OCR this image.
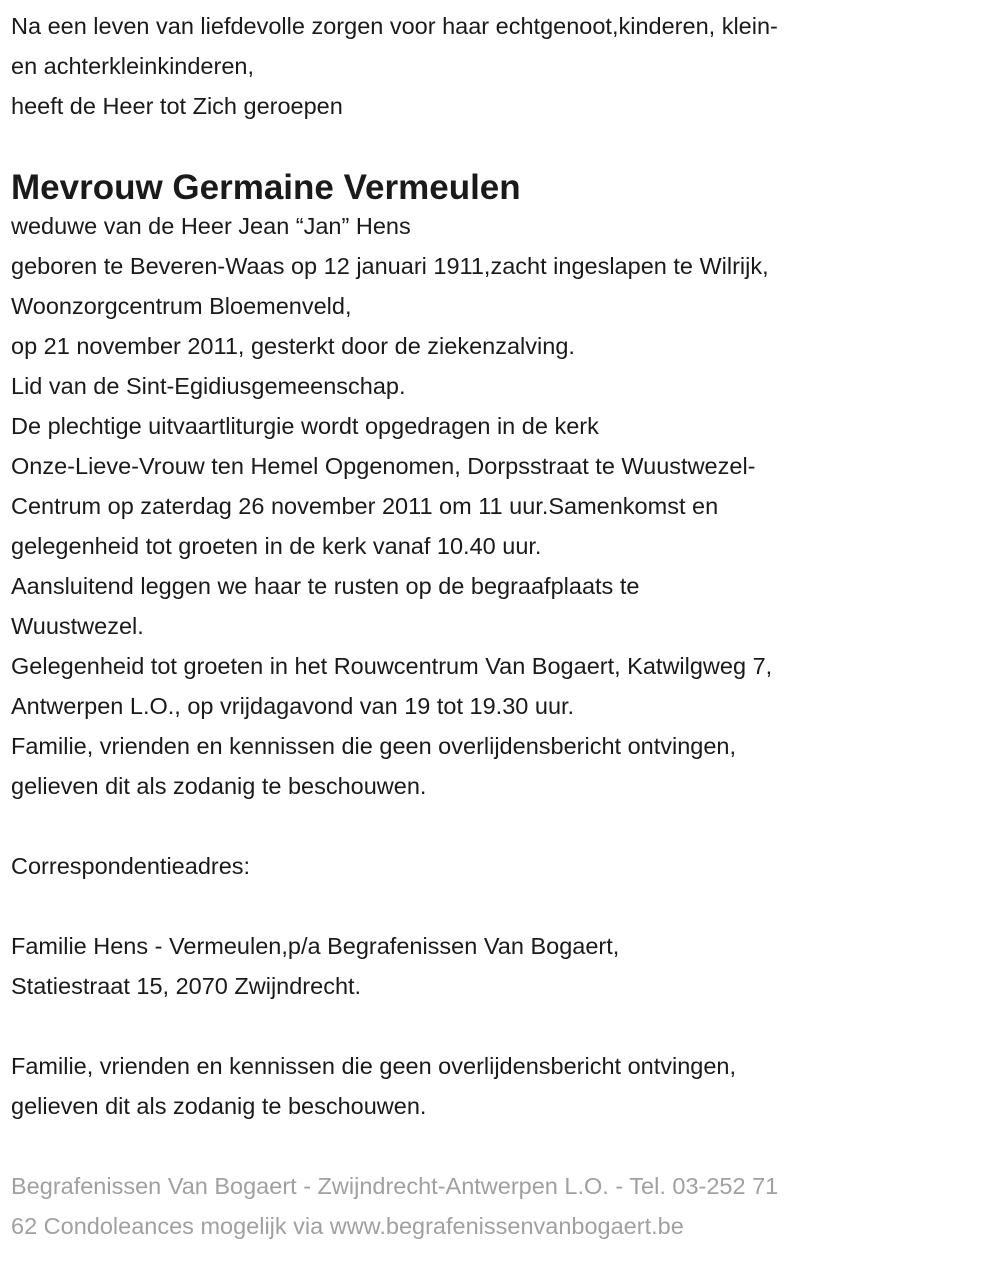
Na een leven van liefdevolle zorgen voor haar echtgenoot,kinderen, klein-
en achterkleinkinderen,
heeft de Heer tot Zich geroepen
Mevrouw Germaine Vermeulen
weduwe van de Heer Jean “Jan” Hens
geboren te Beveren-Waas op 12 januari 1911,zacht ingeslapen te Wilrijk,
Woonzorgcentrum Bloemenveld,
op 21 november 2011, gesterkt door de ziekenzalving.
Lid van de Sint-Egidiusgemeenschap.
De plechtige uitvaartliturgie wordt opgedragen in de kerk
Onze-Lieve-Vrouw ten Hemel Opgenomen, Dorpsstraat te Wuustwezel-
Centrum op zaterdag 26 november 2011 om 11 uur.Samenkomst en
gelegenheid tot groeten in de kerk vanaf 10.40 uur.
Aansluitend leggen we haar te rusten op de begraafplaats te
Wuustwezel.
Gelegenheid tot groeten in het Rouwcentrum Van Bogaert, Katwilgweg 7,
Antwerpen L.O., op vrijdagavond van 19 tot 19.30 uur.
Familie, vrienden en kennissen die geen overlijdensbericht ontvingen,
gelieven dit als zodanig te beschouwen.
Correspondentieadres:
Familie Hens - Vermeulen,p/a Begrafenissen Van Bogaert,
Statiestraat 15, 2070 Zwijndrecht.
Familie, vrienden en kennissen die geen overlijdensbericht ontvingen,
gelieven dit als zodanig te beschouwen.
Begrafenissen Van Bogaert - Zwijndrecht-Antwerpen L.O. - Tel. 03-252 71
62 Condoleances mogelijk via www.begrafenissenvanbogaert.be
